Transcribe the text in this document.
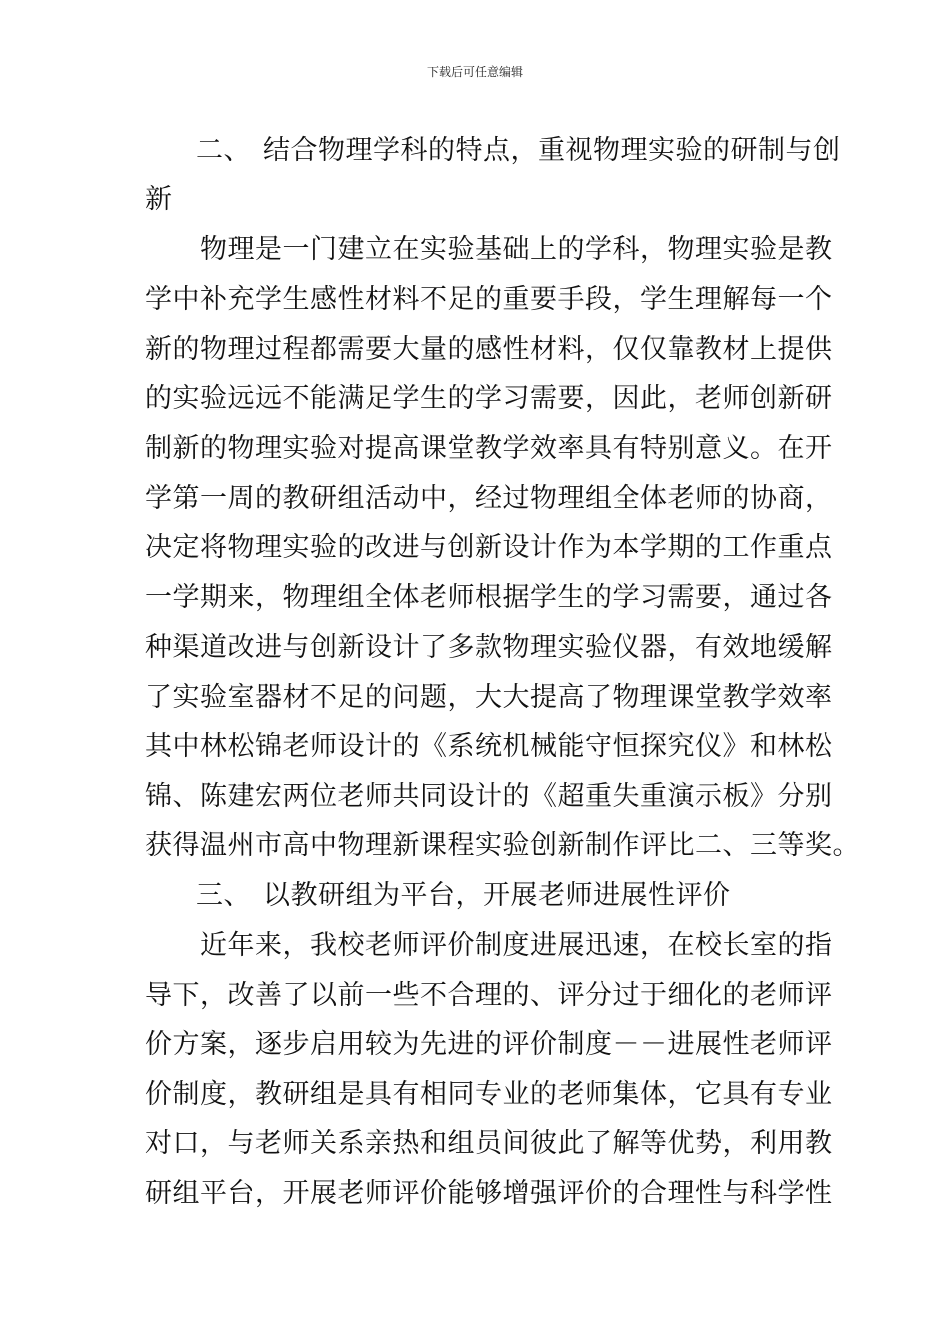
下载后可任意编辑
二、 结合物理学科的特点，重视物理实验的研制与创
新
物理是一门建立在实验基础上的学科，物理实验是教
学中补充学生感性材料不足的重要手段，学生理解每一个
新的物理过程都需要大量的感性材料，仅仅靠教材上提供
的实验远远不能满足学生的学习需要，因此，老师创新研
制新的物理实验对提高课堂教学效率具有特别意义。在开
学第一周的教研组活动中，经过物理组全体老师的协商，
决定将物理实验的改进与创新设计作为本学期的工作重点
一学期来，物理组全体老师根据学生的学习需要，通过各
种渠道改进与创新设计了多款物理实验仪器，有效地缓解
了实验室器材不足的问题，大大提高了物理课堂教学效率
其中林松锦老师设计的《系统机械能守恒探究仪》和林松
锦、陈建宏两位老师共同设计的《超重失重演示板》分别
获得温州市高中物理新课程实验创新制作评比二、三等奖。
三、 以教研组为平台，开展老师进展性评价
近年来，我校老师评价制度进展迅速，在校长室的指
导下，改善了以前一些不合理的、评分过于细化的老师评
价方案，逐步启用较为先进的评价制度－－进展性老师评
价制度，教研组是具有相同专业的老师集体，它具有专业
对口，与老师关系亲热和组员间彼此了解等优势，利用教
研组平台，开展老师评价能够增强评价的合理性与科学性
